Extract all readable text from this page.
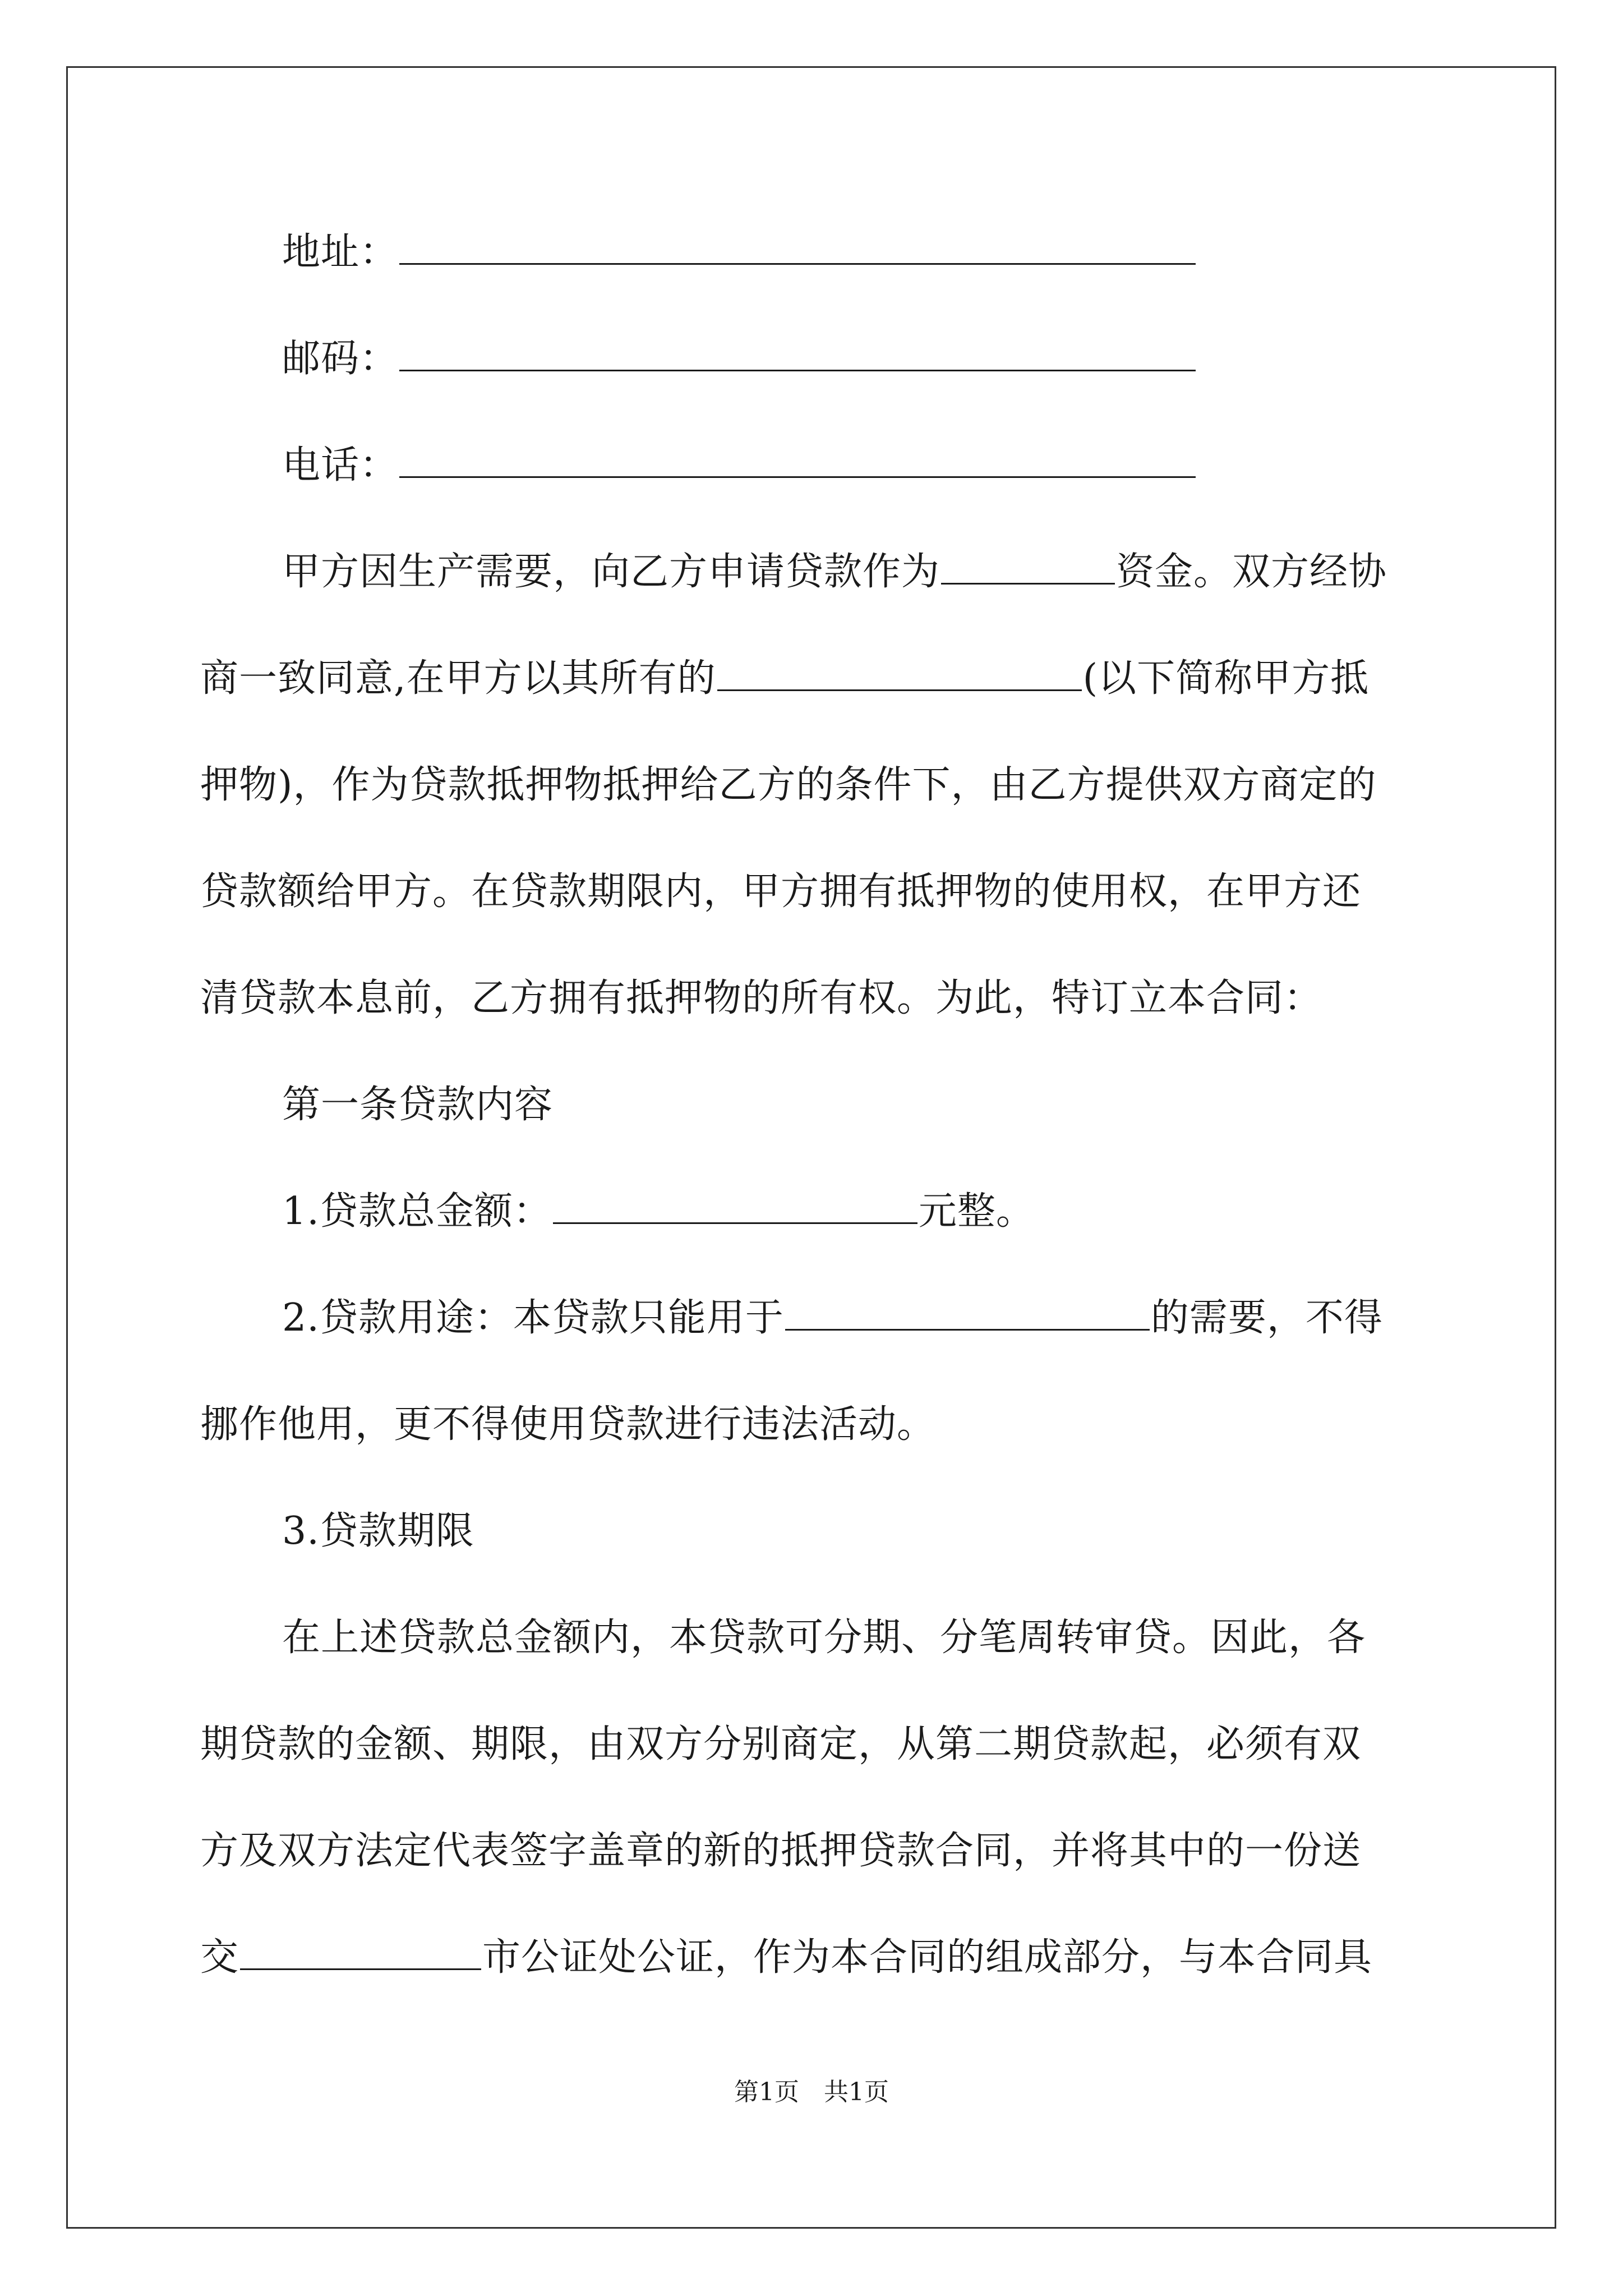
地址：
邮码：
电话：
甲方因生产需要，向乙方申请贷款作为	资金。双方经协
商一致同意,在甲方以其所有的	(以下简称甲方抵
押物)，作为贷款抵押物抵押给乙方的条件下，由乙方提供双方商定的
贷款额给甲方。在贷款期限内，甲方拥有抵押物的使用权，在甲方还
清贷款本息前，乙方拥有抵押物的所有权。为此，特订立本合同：
第一条贷款内容
1.贷款总金额：	元整。
2.贷款用途：本贷款只能用于	的需要，不得
挪作他用，更不得使用贷款进行违法活动。
3.贷款期限
在上述贷款总金额内，本贷款可分期、分笔周转审贷。因此，各
期贷款的金额、期限，由双方分别商定，从第二期贷款起，必须有双
方及双方法定代表签字盖章的新的抵押贷款合同，并将其中的一份送
交	市公证处公证，作为本合同的组成部分，与本合同具
第1页　共1页
